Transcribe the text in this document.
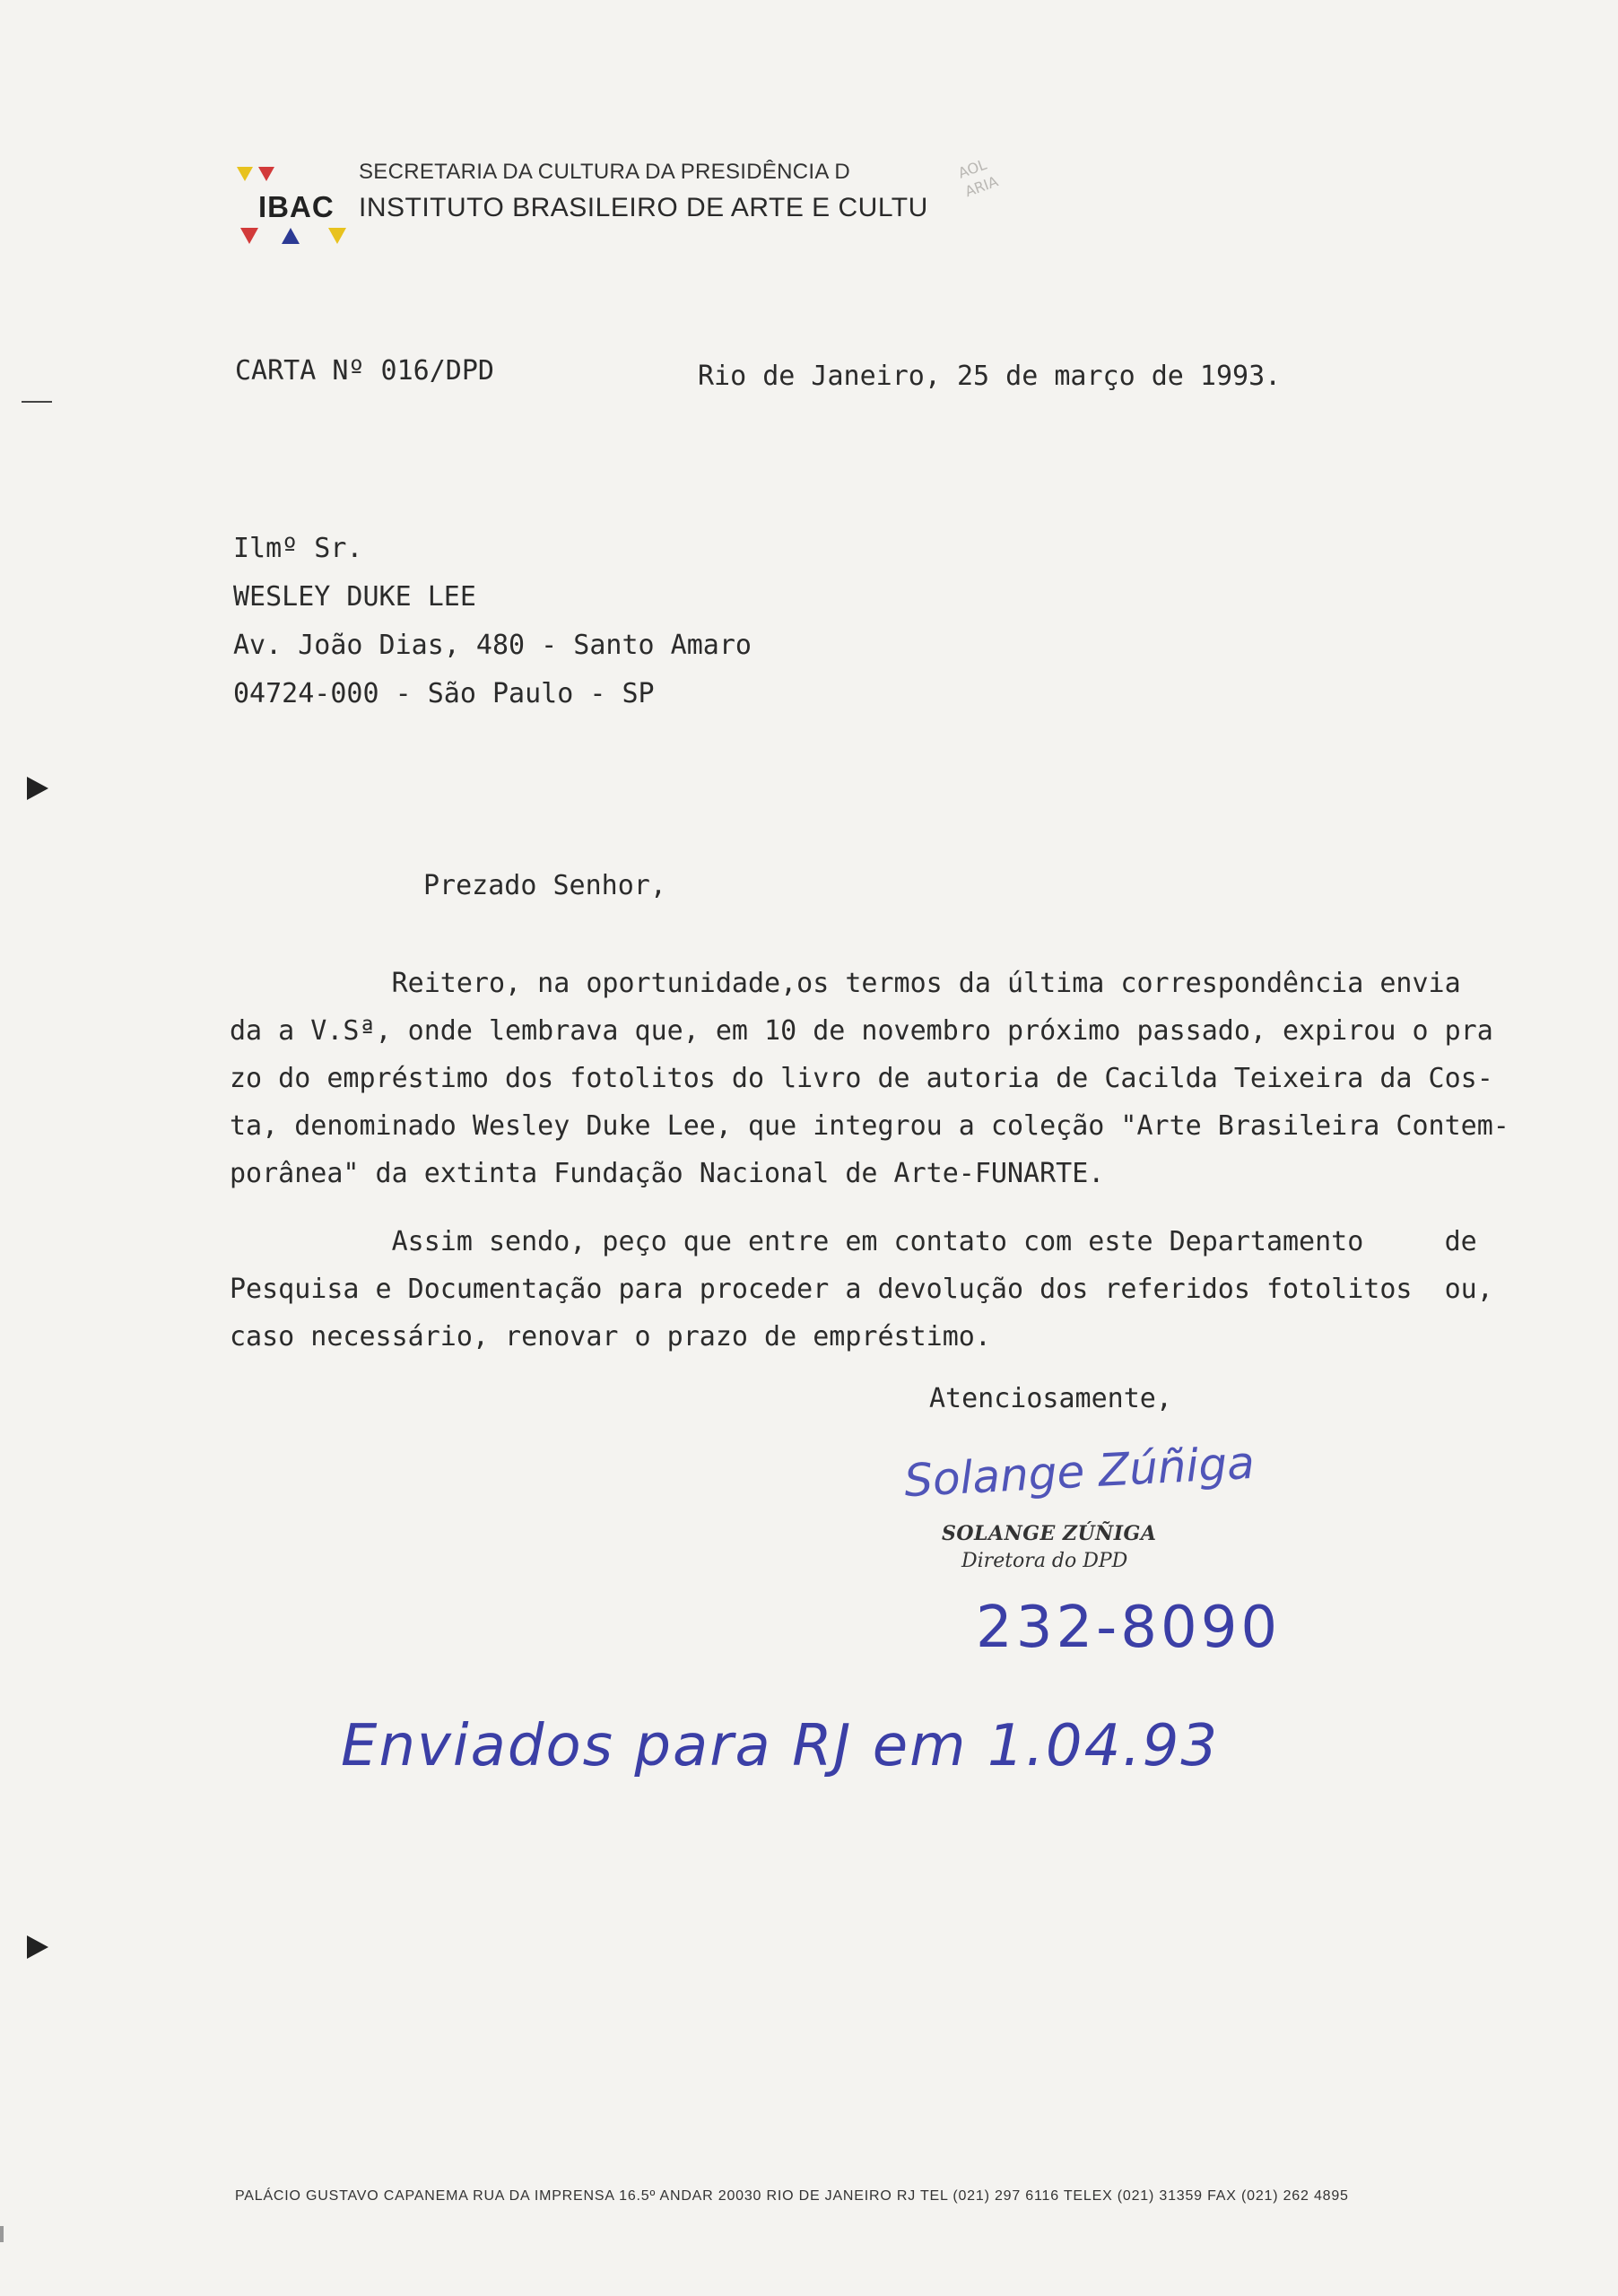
IBAC
SECRETARIA DA CULTURA DA PRESIDÊNCIA D
INSTITUTO BRASILEIRO DE ARTE E CULTU
AOL
ARIA
CARTA Nº 016/DPD	Rio de Janeiro, 25 de março de 1993.
Ilmº Sr.
WESLEY DUKE LEE
Av. João Dias, 480 - Santo Amaro
04724-000 - São Paulo - SP
Prezado Senhor,
Reitero, na oportunidade,os termos da última correspondência envia
da a V.Sª, onde lembrava que, em 10 de novembro próximo passado, expirou o pra
zo do empréstimo dos fotolitos do livro de autoria de Cacilda Teixeira da Cos-
ta, denominado Wesley Duke Lee, que integrou a coleção "Arte Brasileira Contem-
porânea" da extinta Fundação Nacional de Arte-FUNARTE.
Assim sendo, peço que entre em contato com este Departamento     de
Pesquisa e Documentação para proceder a devolução dos referidos fotolitos  ou,
caso necessário, renovar o prazo de empréstimo.
Atenciosamente,
Solange Zúñiga
SOLANGE ZÚÑIGA
Diretora do DPD
232-8090
Enviados para RJ em 1.04.93
PALÁCIO GUSTAVO CAPANEMA RUA DA IMPRENSA 16.5º ANDAR 20030 RIO DE JANEIRO RJ TEL (021) 297 6116 TELEX (021) 31359 FAX (021) 262 4895
